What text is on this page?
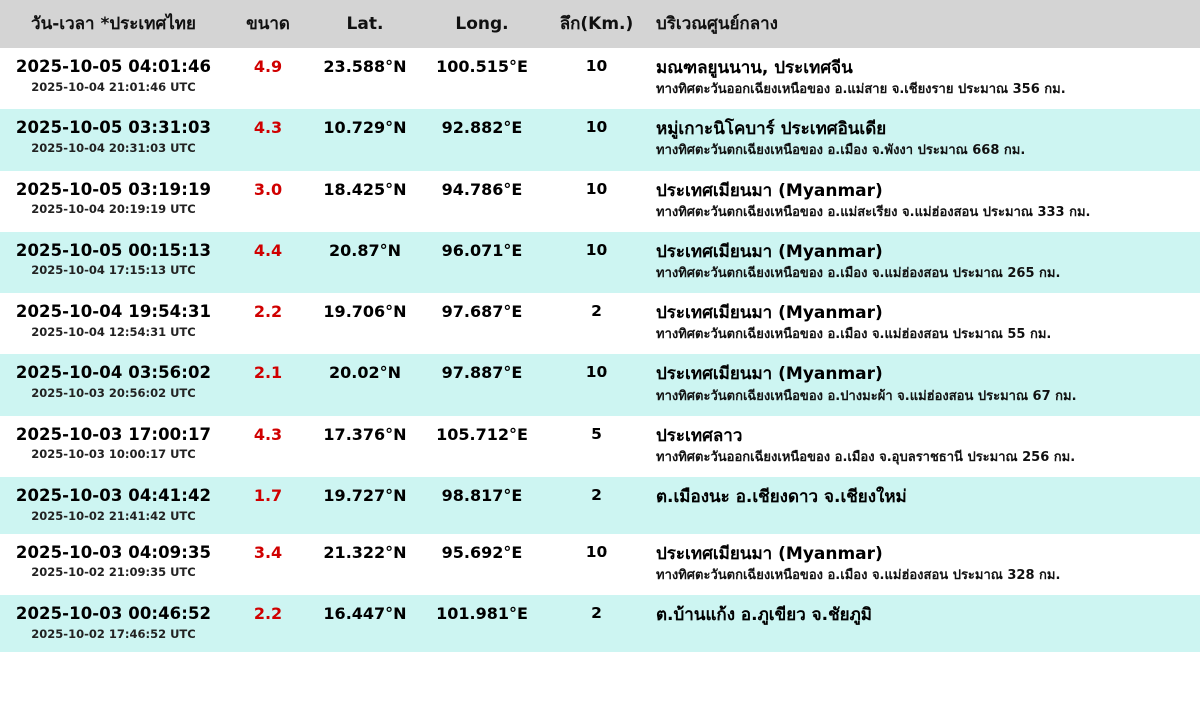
วัน-เวลา *ประเทศไทย	ขนาด	Lat.	Long.	ลึก(Km.)	บริเวณศูนย์กลาง

2025-10-05 04:01:46
2025-10-04 21:01:46 UTC
	4.9	23.588°N	100.515°E	10	มณฑลยูนนาน, ประเทศจีน
ทางทิศตะวันออกเฉียงเหนือของ อ.แม่สาย จ.เชียงราย ประมาณ 356 กม.

2025-10-05 03:31:03
2025-10-04 20:31:03 UTC
	4.3	10.729°N	92.882°E	10	หมู่เกาะนิโคบาร์ ประเทศอินเดีย
ทางทิศตะวันตกเฉียงเหนือของ อ.เมือง จ.พังงา ประมาณ 668 กม.

2025-10-05 03:19:19
2025-10-04 20:19:19 UTC
	3.0	18.425°N	94.786°E	10	ประเทศเมียนมา (Myanmar)
ทางทิศตะวันตกเฉียงเหนือของ อ.แม่สะเรียง จ.แม่ฮ่องสอน ประมาณ 333 กม.

2025-10-05 00:15:13
2025-10-04 17:15:13 UTC
	4.4	20.87°N	96.071°E	10	ประเทศเมียนมา (Myanmar)
ทางทิศตะวันตกเฉียงเหนือของ อ.เมือง จ.แม่ฮ่องสอน ประมาณ 265 กม.

2025-10-04 19:54:31
2025-10-04 12:54:31 UTC
	2.2	19.706°N	97.687°E	2	ประเทศเมียนมา (Myanmar)
ทางทิศตะวันตกเฉียงเหนือของ อ.เมือง จ.แม่ฮ่องสอน ประมาณ 55 กม.

2025-10-04 03:56:02
2025-10-03 20:56:02 UTC
	2.1	20.02°N	97.887°E	10	ประเทศเมียนมา (Myanmar)
ทางทิศตะวันตกเฉียงเหนือของ อ.ปางมะผ้า จ.แม่ฮ่องสอน ประมาณ 67 กม.

2025-10-03 17:00:17
2025-10-03 10:00:17 UTC
	4.3	17.376°N	105.712°E	5	ประเทศลาว
ทางทิศตะวันออกเฉียงเหนือของ อ.เมือง จ.อุบลราชธานี ประมาณ 256 กม.

2025-10-03 04:41:42
2025-10-02 21:41:42 UTC	1.7	19.727°N	98.817°E	2	ต.เมืองนะ อ.เชียงดาว จ.เชียงใหม่

2025-10-03 04:09:35
2025-10-02 21:09:35 UTC
	3.4	21.322°N	95.692°E	10	ประเทศเมียนมา (Myanmar)
ทางทิศตะวันตกเฉียงเหนือของ อ.เมือง จ.แม่ฮ่องสอน ประมาณ 328 กม.

2025-10-03 00:46:52
2025-10-02 17:46:52 UTC	2.2	16.447°N	101.981°E	2	ต.บ้านแก้ง อ.ภูเขียว จ.ชัยภูมิ
